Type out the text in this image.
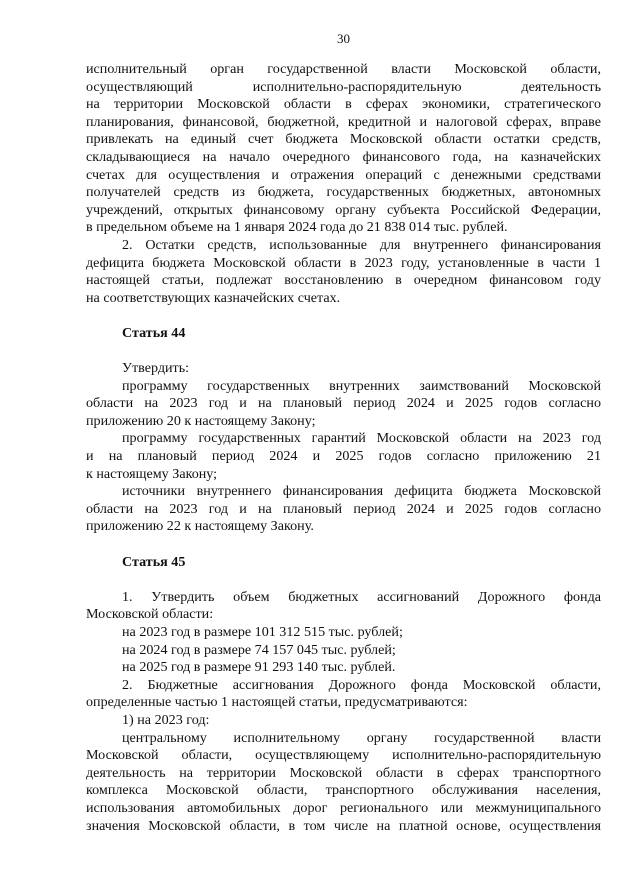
30
исполнительный орган государственной власти Московской области,
осуществляющий исполнительно-распорядительную деятельность
на территории Московской области в сферах экономики, стратегического
планирования, финансовой, бюджетной, кредитной и налоговой сферах, вправе
привлекать на единый счет бюджета Московской области остатки средств,
складывающиеся на начало очередного финансового года, на казначейских
счетах для осуществления и отражения операций с денежными средствами
получателей средств из бюджета, государственных бюджетных, автономных
учреждений, открытых финансовому органу субъекта Российской Федерации,
в предельном объеме на 1 января 2024 года до 21 838 014 тыс. рублей.
2. Остатки средств, использованные для внутреннего финансирования
дефицита бюджета Московской области в 2023 году, установленные в части 1
настоящей статьи, подлежат восстановлению в очередном финансовом году
на соответствующих казначейских счетах.
Статья 44
Утвердить:
программу государственных внутренних заимствований Московской
области на 2023 год и на плановый период 2024 и 2025 годов согласно
приложению 20 к настоящему Закону;
программу государственных гарантий Московской области на 2023 год
и на плановый период 2024 и 2025 годов согласно приложению 21
к настоящему Закону;
источники внутреннего финансирования дефицита бюджета Московской
области на 2023 год и на плановый период 2024 и 2025 годов согласно
приложению 22 к настоящему Закону.
Статья 45
1. Утвердить объем бюджетных ассигнований Дорожного фонда
Московской области:
на 2023 год в размере 101 312 515 тыс. рублей;
на 2024 год в размере 74 157 045 тыс. рублей;
на 2025 год в размере 91 293 140 тыс. рублей.
2. Бюджетные ассигнования Дорожного фонда Московской области,
определенные частью 1 настоящей статьи, предусматриваются:
1) на 2023 год:
центральному исполнительному органу государственной власти
Московской области, осуществляющему исполнительно-распорядительную
деятельность на территории Московской области в сферах транспортного
комплекса Московской области, транспортного обслуживания населения,
использования автомобильных дорог регионального или межмуниципального
значения Московской области, в том числе на платной основе, осуществления
